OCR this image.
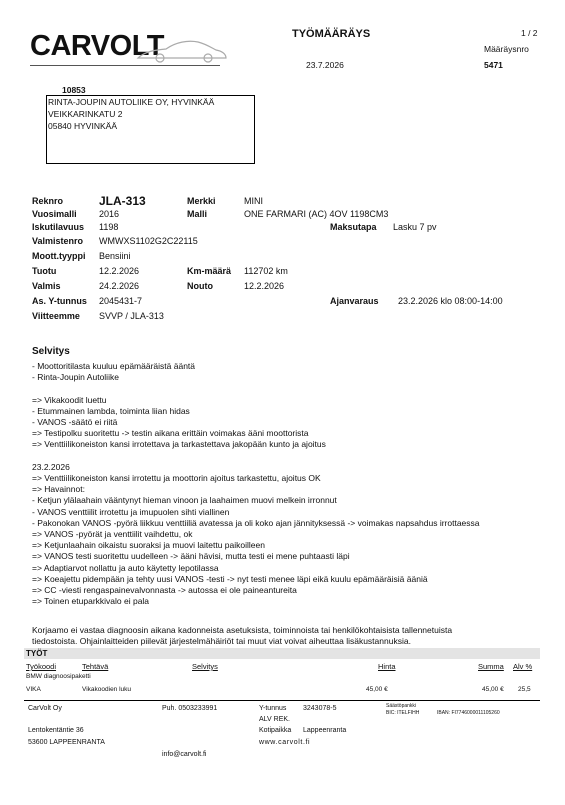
CARVOLT	TYÖMÄÄRÄYS	1 / 2
Määräysnro
23.7.2026	5471
10853
RINTA-JOUPIN AUTOLIIKE OY, HYVINKÄÄ
VEIKKARINKATU 2
05840 HYVINKÄÄ
Reknro	JLA-313	Merkki	MINI
Vuosimalli 2016	Malli	ONE FARMARI (AC) 4OV 1198CM3
Iskutilavuus 1198	Maksutapa Lasku 7 pv
Valmistenro WMWXS1102G2C22115
Moott.tyyppi Bensiini
Tuotu	12.2.2026	Km-määrä 112702 km
Valmis	24.2.2026	Nouto	12.2.2026
As. Y-tunnus 2045431-7	Ajanvaraus 23.2.2026 klo 08:00-14:00
Viitteemme SVVP / JLA-313
Selvitys
- Moottoritilasta kuuluu epämääräistä ääntä
- Rinta-Joupin Autoliike

=> Vikakoodit luettu
- Etummainen lambda, toiminta liian hidas
- VANOS -säätö ei riitä
=> Testipolku suoritettu -> testin aikana erittäin voimakas ääni moottorista
=> Venttiilikoneiston kansi irrotettava ja tarkastettava jakopään kunto ja ajoitus

23.2.2026
=> Venttiilikoneiston kansi irrotettu ja moottorin ajoitus tarkastettu, ajoitus OK
=> Havainnot:
- Ketjun ylälaahain vääntynyt hieman vinoon ja laahaimen muovi melkein irronnut
- VANOS venttiilit irrotettu ja imupuolen sihti viallinen
- Pakonokan VANOS -pyörä liikkuu venttiiliä avatessa ja oli koko ajan jännityksessä -> voimakas napsahdus irrottaessa
=> VANOS -pyörät ja venttiilit vaihdettu, ok
=> Ketjunlaahain oikaistu suoraksi ja muovi laitettu paikoilleen
=> VANOS testi suoritettu uudelleen -> ääni hävisi, mutta testi ei mene puhtaasti läpi
=> Adaptiarvot nollattu ja auto käytetty lepotilassa
=> Koeajettu pidempään ja tehty uusi VANOS -testi -> nyt testi menee läpi eikä kuulu epämääräisiä ääniä
=> CC -viesti rengaspainevalvonnasta -> autossa ei ole paineantureita
=> Toinen etuparkkivalo ei pala
Korjaamo ei vastaa diagnoosin aikana kadonneista asetuksista, toiminnoista tai henkilökohtaisista tallennetuista
tiedostoista. Ohjainlaitteiden piilevät järjestelmähäiriöt tai muut viat voivat aiheuttaa lisäkustannuksia.
TYÖT
Työkoodi	Tehtävä	Selvitys	Hinta	Summa Alv %
BMW diagnoosipaketti
VIKA	Vikakoodien luku	45,00 €	45,00 € 25,5
CarVolt Oy	Puh. 0503233991	Y-tunnus 3243078-5
ALV REK.
Säästöpankki
BIC: ITELFIHH	IBAN: FI7746000011105260
Lentokentäntie 36	Kotipaikka Lappeenranta
53600 LAPPEENRANTA	www.carvolt.fi
info@carvolt.fi
